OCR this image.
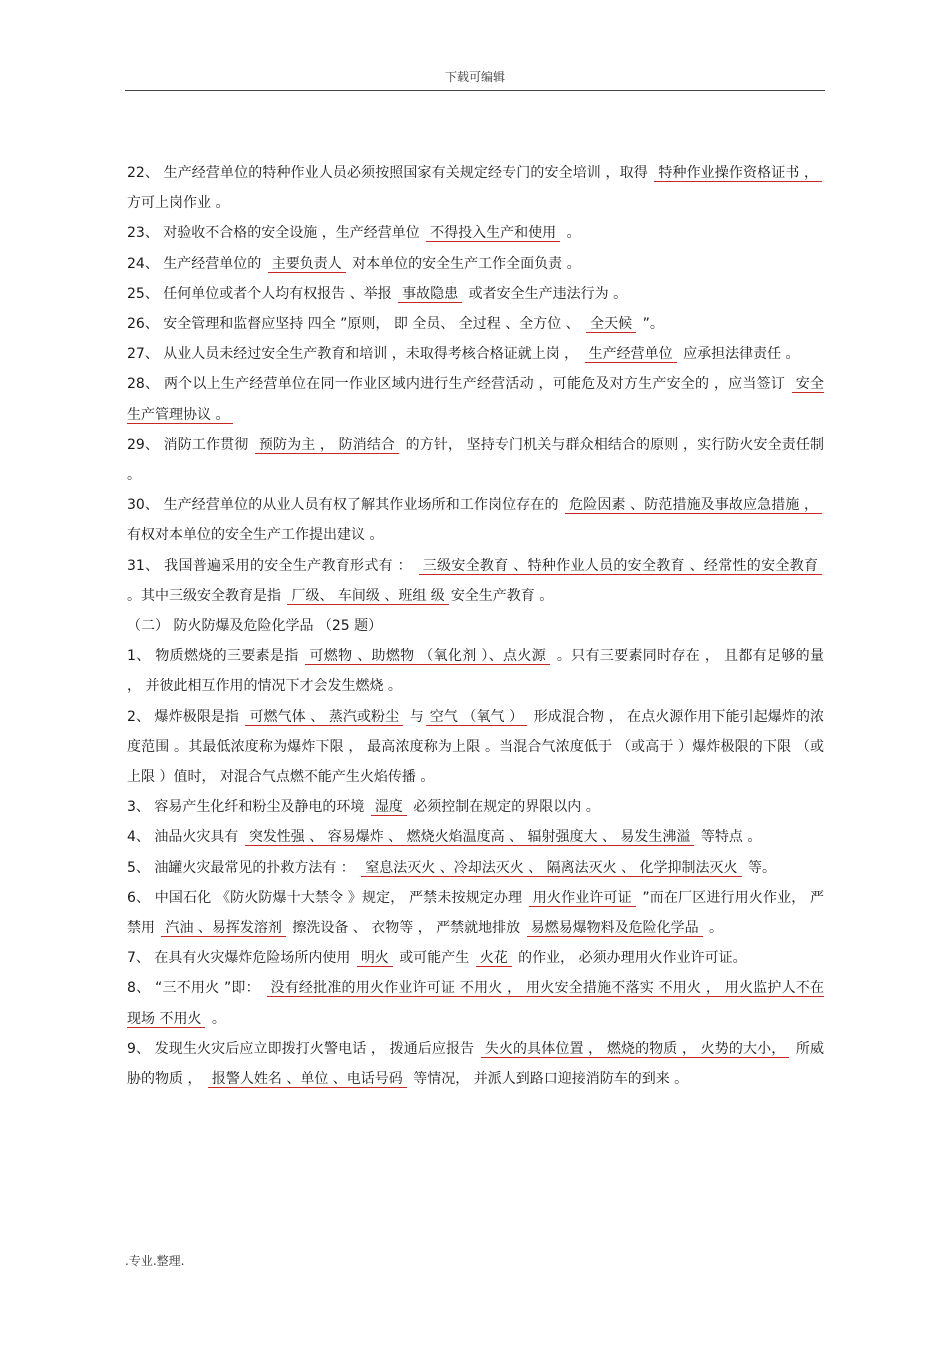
下载可编辑

22、 生产经营单位的特种作业人员必须按照国家有关规定经专门的安全培训 ，取得 特种作业操作资格证书 ，方可上岗作业 。

23、 对验收不合格的安全设施 ，生产经营单位 不得投入生产和使用 。

24、 生产经营单位的 主要负责人 对本单位的安全生产工作全面负责 。

25、 任何单位或者个人均有权报告 、举报 事故隐患 或者安全生产违法行为 。

26、 安全管理和监督应坚持 四全 ”原则， 即 全员、 全过程 、全方位 、 全天候 ”。

27、 从业人员未经过安全生产教育和培训 ，未取得考核合格证就上岗 ， 生产经营单位 应承担法律责任 。

28、 两个以上生产经营单位在同一作业区域内进行生产经营活动 ，可能危及对方生产安全的 ，应当签订 安全生产管理协议 。

29、 消防工作贯彻 预防为主 ， 防消结合 的方针， 坚持专门机关与群众相结合的原则 ，实行防火安全责任制 。

30、 生产经营单位的从业人员有权了解其作业场所和工作岗位存在的 危险因素 、防范措施及事故应急措施 ， 有权对本单位的安全生产工作提出建议 。

31、 我国普遍采用的安全生产教育形式有 ： 三级安全教育 、特种作业人员的安全教育 、经常性的安全教育 。其中三级安全教育是指 厂级、 车间级 、班组 级 安全生产教育 。

（二） 防火防爆及危险化学品 （25 题）

1、 物质燃烧的三要素是指 可燃物 、助燃物 （氧化剂 ）、点火源 。只有三要素同时存在 ， 且都有足够的量 ， 并彼此相互作用的情况下才会发生燃烧 。

2、 爆炸极限是指 可燃气体 、 蒸汽或粉尘 与 空气 （氧气 ） 形成混合物 ， 在点火源作用下能引起爆炸的浓度范围 。其最低浓度称为爆炸下限 ， 最高浓度称为上限 。当混合气浓度低于 （或高于 ）爆炸极限的下限 （或上限 ）值时， 对混合气点燃不能产生火焰传播 。

3、 容易产生化纤和粉尘及静电的环境 湿度 必须控制在规定的界限以内 。

4、 油品火灾具有 突发性强 、 容易爆炸 、 燃烧火焰温度高 、 辐射强度大 、 易发生沸溢 等特点 。

5、 油罐火灾最常见的扑救方法有 ： 窒息法灭火 、冷却法灭火 、 隔离法灭火 、 化学抑制法灭火 等。

6、 中国石化 《防火防爆十大禁令 》规定， 严禁未按规定办理 用火作业许可证 ”而在厂区进行用火作业， 严禁用 汽油 、易挥发溶剂 擦洗设备 、 衣物等 ， 严禁就地排放 易燃易爆物料及危险化学品 。

7、 在具有火灾爆炸危险场所内使用 明火 或可能产生 火花 的作业， 必须办理用火作业许可证。

8、 “三不用火 ”即： 没有经批准的用火作业许可证 不用火 ， 用火安全措施不落实 不用火 ， 用火监护人不在现场 不用火 。

9、 发现生火灾后应立即拨打火警电话 ， 拨通后应报告 失火的具体位置 ， 燃烧的物质 ， 火势的大小， 所威胁的物质 ， 报警人姓名 、单位 、电话号码 等情况， 并派人到路口迎接消防车的到来 。

.专业.整理.
